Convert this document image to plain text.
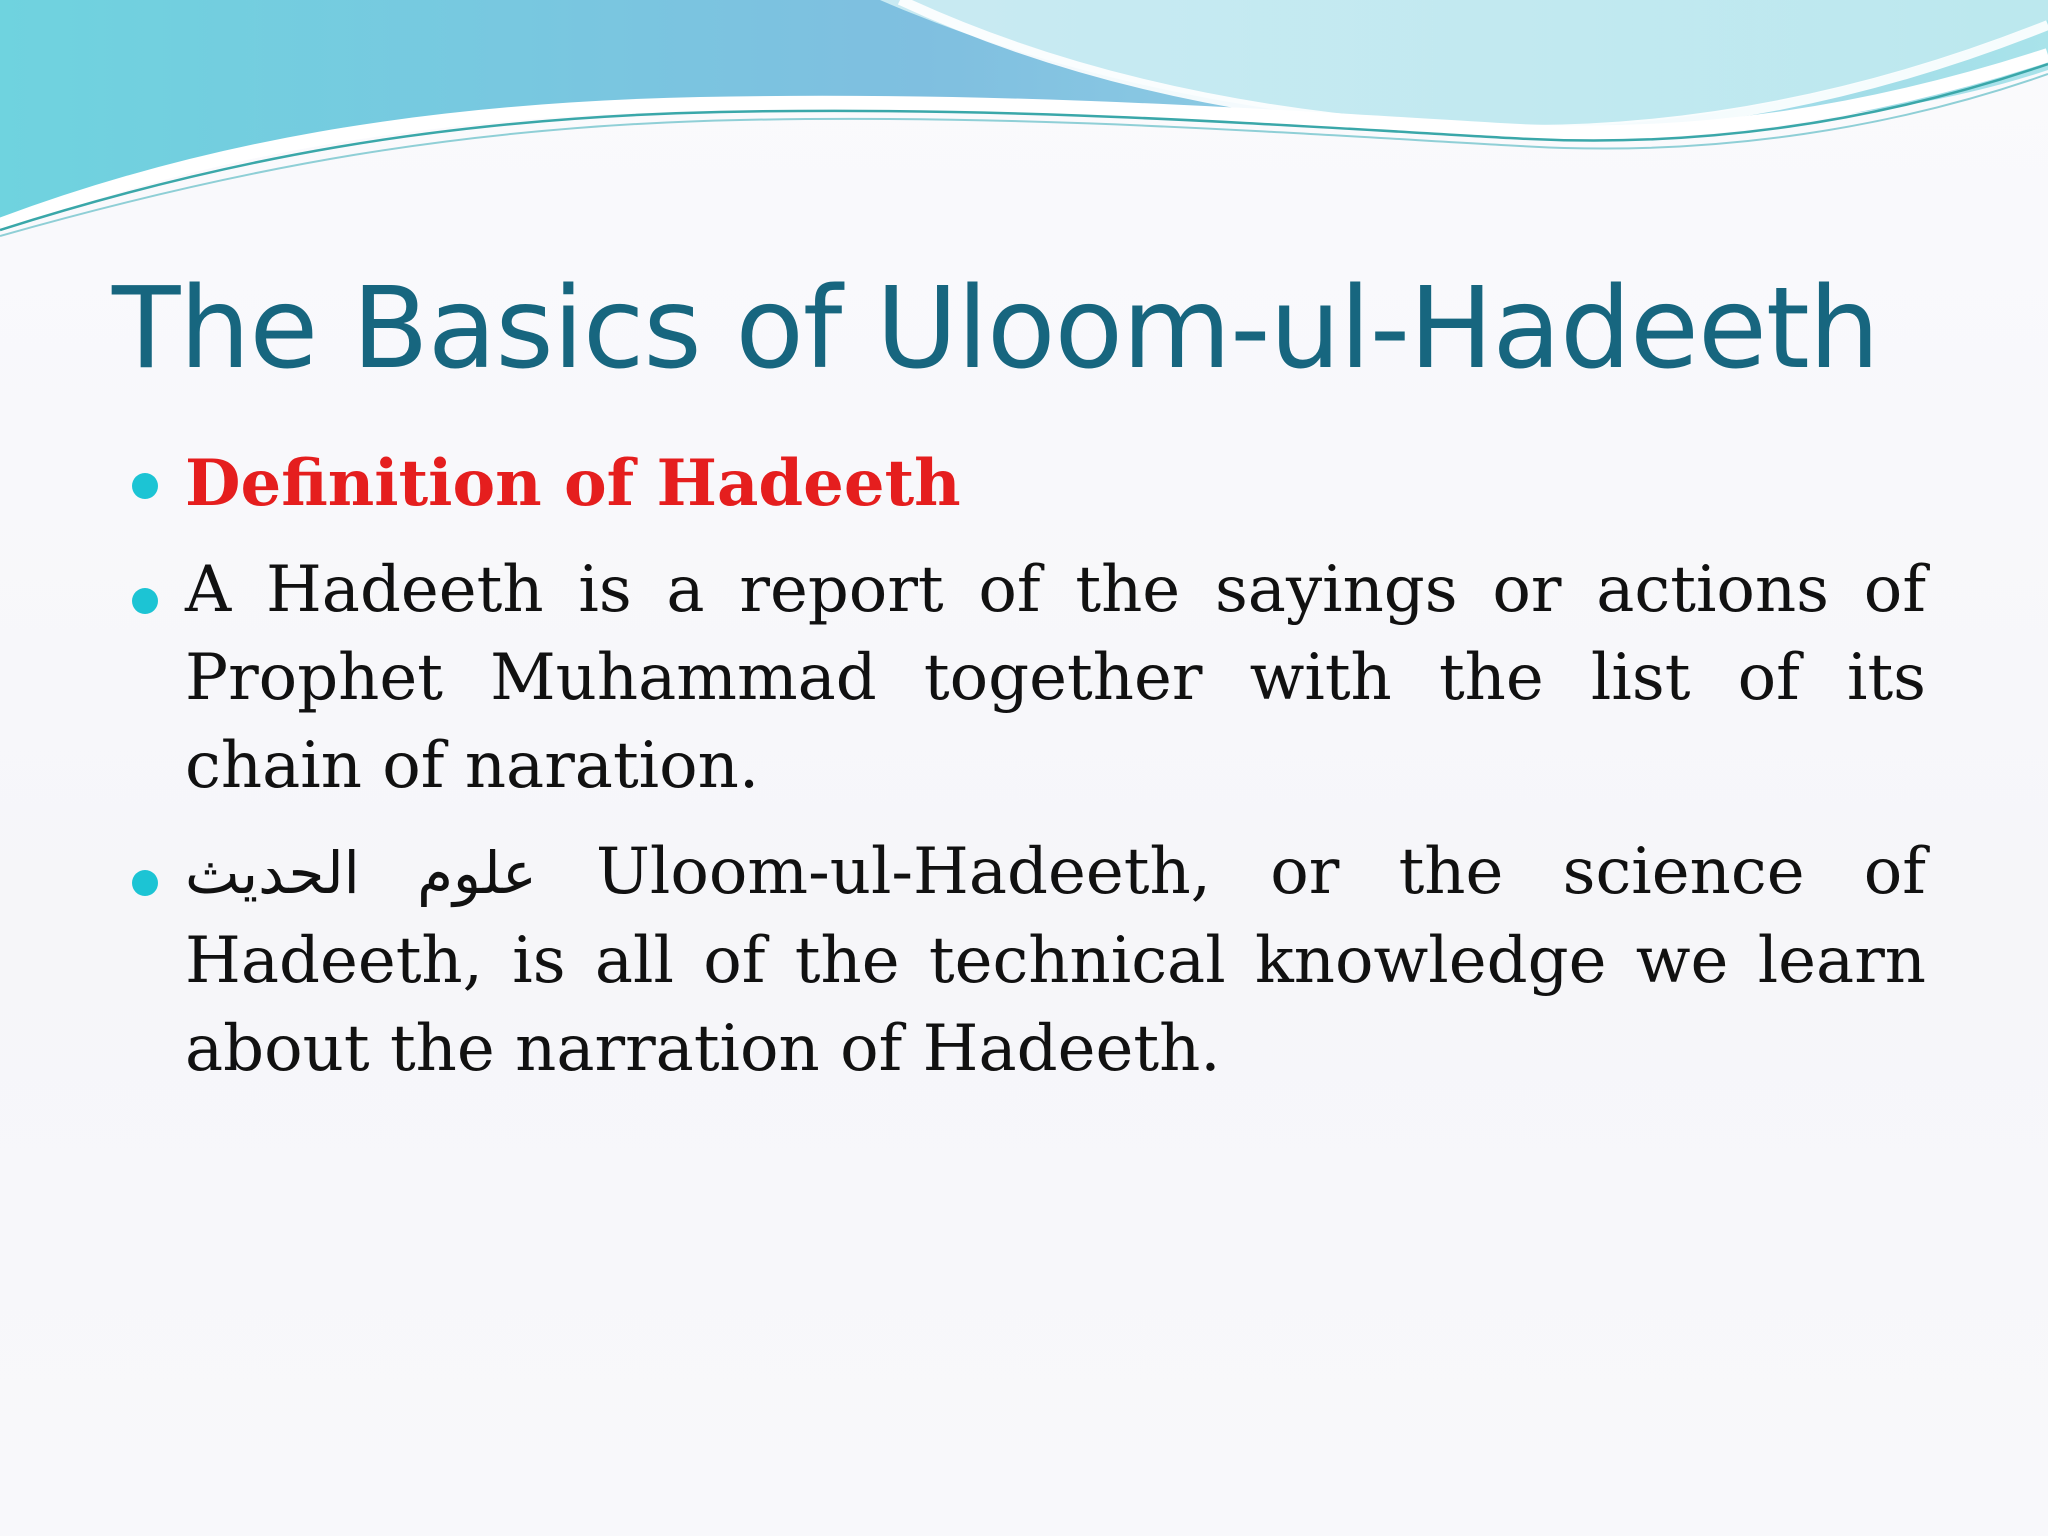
The Basics of Uloom-ul-Hadeeth
Definition of Hadeeth
A Hadeeth is a report of the sayings or actions of Prophet Muhammad together with the list of its chain of naration.
علوم الحديث Uloom-ul-Hadeeth, or the science of Hadeeth, is all of the technical knowledge we learn about the narration of Hadeeth.
